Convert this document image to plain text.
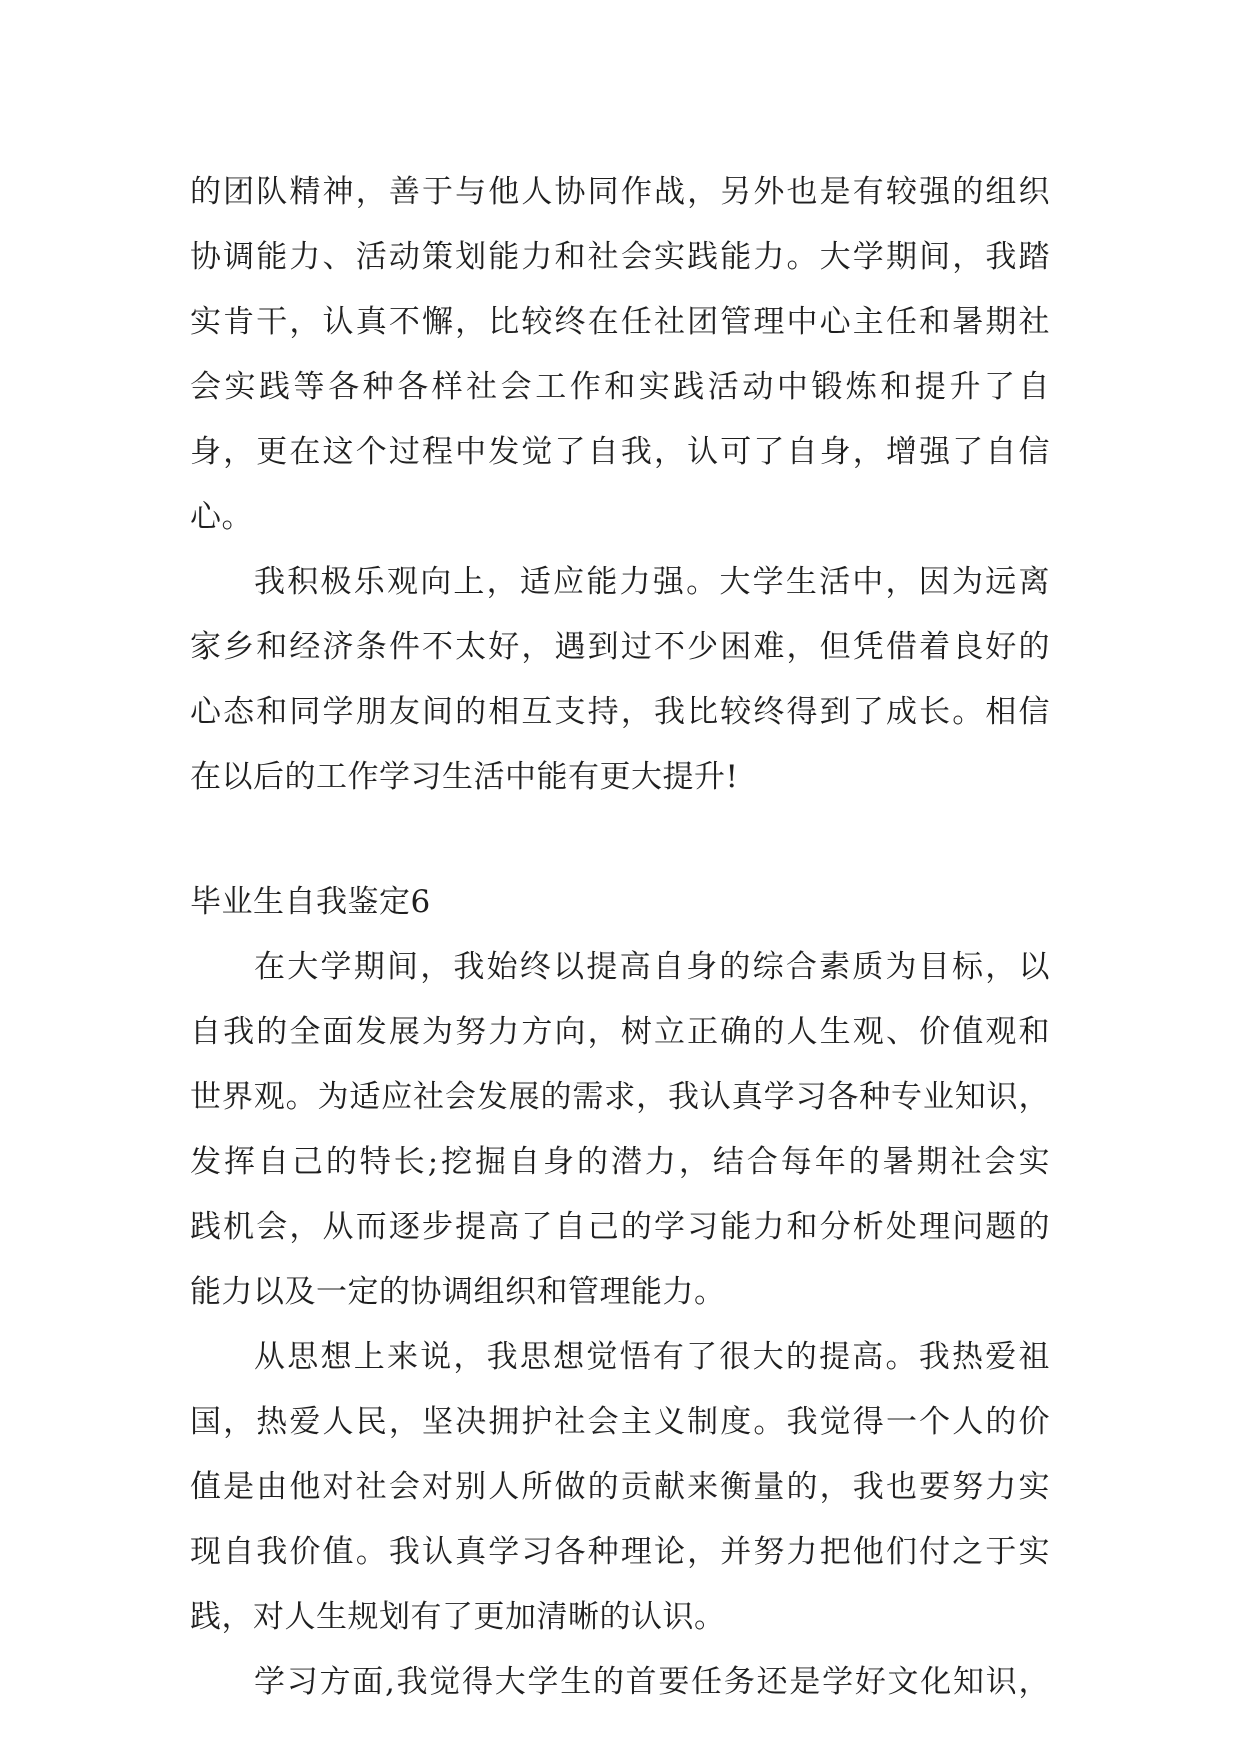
的团队精神，善于与他人协同作战，另外也是有较强的组织
协调能力、活动策划能力和社会实践能力。大学期间，我踏
实肯干，认真不懈，比较终在任社团管理中心主任和暑期社
会实践等各种各样社会工作和实践活动中锻炼和提升了自
身，更在这个过程中发觉了自我，认可了自身，增强了自信
心。
我积极乐观向上，适应能力强。大学生活中，因为远离
家乡和经济条件不太好，遇到过不少困难，但凭借着良好的
心态和同学朋友间的相互支持，我比较终得到了成长。相信
在以后的工作学习生活中能有更大提升!
毕业生自我鉴定6
在大学期间，我始终以提高自身的综合素质为目标，以
自我的全面发展为努力方向，树立正确的人生观、价值观和
世界观。为适应社会发展的需求，我认真学习各种专业知识，
发挥自己的特长;挖掘自身的潜力，结合每年的暑期社会实
践机会，从而逐步提高了自己的学习能力和分析处理问题的
能力以及一定的协调组织和管理能力。
从思想上来说，我思想觉悟有了很大的提高。我热爱祖
国，热爱人民，坚决拥护社会主义制度。我觉得一个人的价
值是由他对社会对别人所做的贡献来衡量的，我也要努力实
现自我价值。我认真学习各种理论，并努力把他们付之于实
践，对人生规划有了更加清晰的认识。
学习方面,我觉得大学生的首要任务还是学好文化知识，
